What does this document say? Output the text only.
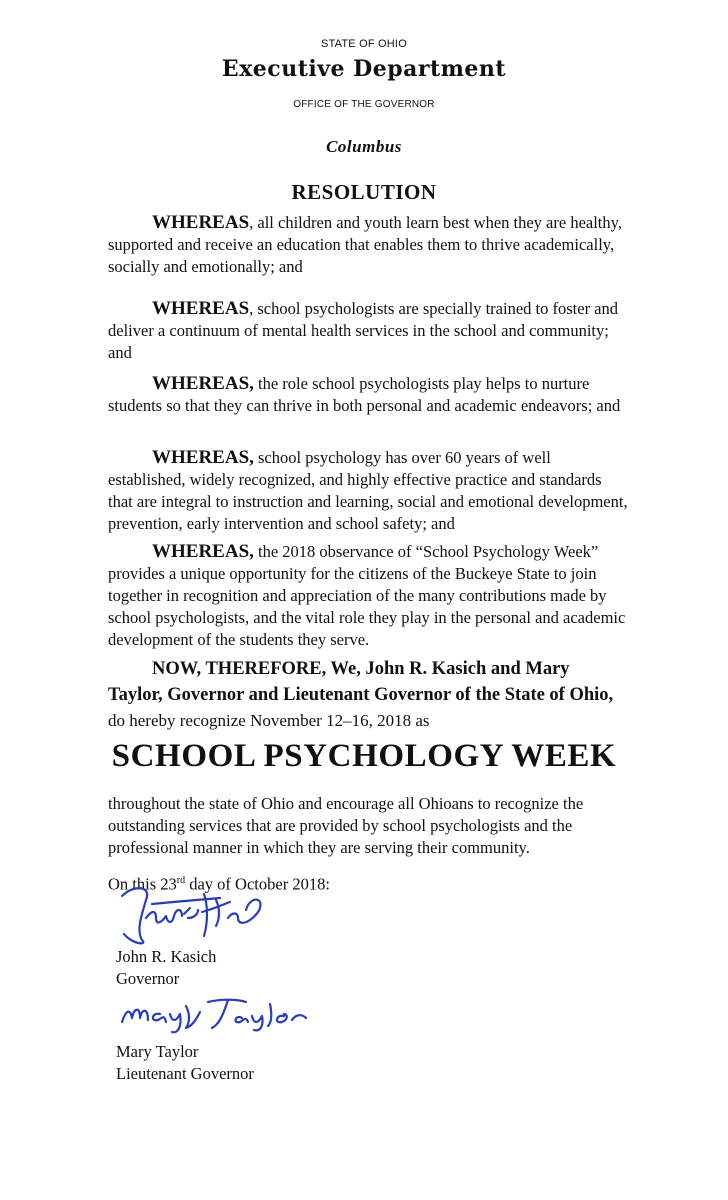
STATE OF OHIO
Executive Department
OFFICE OF THE GOVERNOR
Columbus
RESOLUTION
WHEREAS, all children and youth learn best when they are healthy, supported and receive an education that enables them to thrive academically, socially and emotionally; and
WHEREAS, school psychologists are specially trained to foster and deliver a continuum of mental health services in the school and community; and
WHEREAS, the role school psychologists play helps to nurture students so that they can thrive in both personal and academic endeavors; and
WHEREAS, school psychology has over 60 years of well established, widely recognized, and highly effective practice and standards that are integral to instruction and learning, social and emotional development, prevention, early intervention and school safety; and
WHEREAS, the 2018 observance of “School Psychology Week” provides a unique opportunity for the citizens of the Buckeye State to join together in recognition and appreciation of the many contributions made by school psychologists, and the vital role they play in the personal and academic development of the students they serve.
NOW, THEREFORE, We, John R. Kasich and Mary Taylor, Governor and Lieutenant Governor of the State of Ohio, do hereby recognize November 12–16, 2018 as
SCHOOL PSYCHOLOGY WEEK
throughout the state of Ohio and encourage all Ohioans to recognize the outstanding services that are provided by school psychologists and the professional manner in which they are serving their community.
On this 23rd day of October 2018:
John R. Kasich
Governor
Mary Taylor
Lieutenant Governor
